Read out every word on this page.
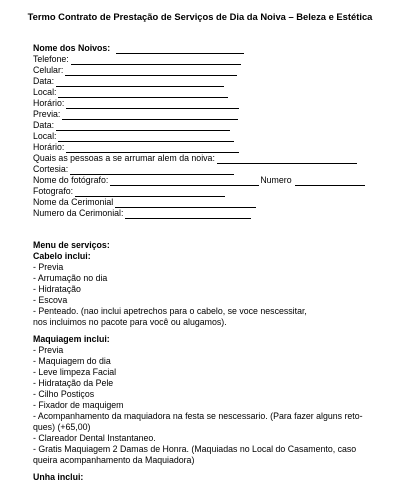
Termo Contrato de Prestação de Serviços de Dia da Noiva – Beleza e Estética
Nome dos Noivos:
Telefone:
Celular:
Data:
Local:
Horário:
Previa:
Data:
Local:
Horário:
Quais as pessoas a se arrumar alem da noiva:
Cortesia:
Nome do fotógrafo:	Numero
Fotografo:
Nome da Cerimonial
Numero da Cerimonial:
Menu de serviços:
Cabelo inclui:
- Previa
- Arrumação no dia
- Hidratação
- Escova
- Penteado. (nao inclui apetrechos para o cabelo, se voce nescessitar,
nos incluimos no pacote para você ou alugamos).
Maquiagem inclui:
- Previa
- Maquiagem do dia
- Leve limpeza Facial
- Hidratação da Pele
- Cilho Postiços
- Fixador de maquigem
- Acompanhamento da maquiadora na festa se nescessario. (Para fazer alguns reto-
ques) (+65,00)
- Clareador Dental Instantaneo.
- Gratis Maquiagem 2 Damas de Honra. (Maquiadas no Local do Casamento, caso
queira acompanhamento da Maquiadora)
Unha inclui:
